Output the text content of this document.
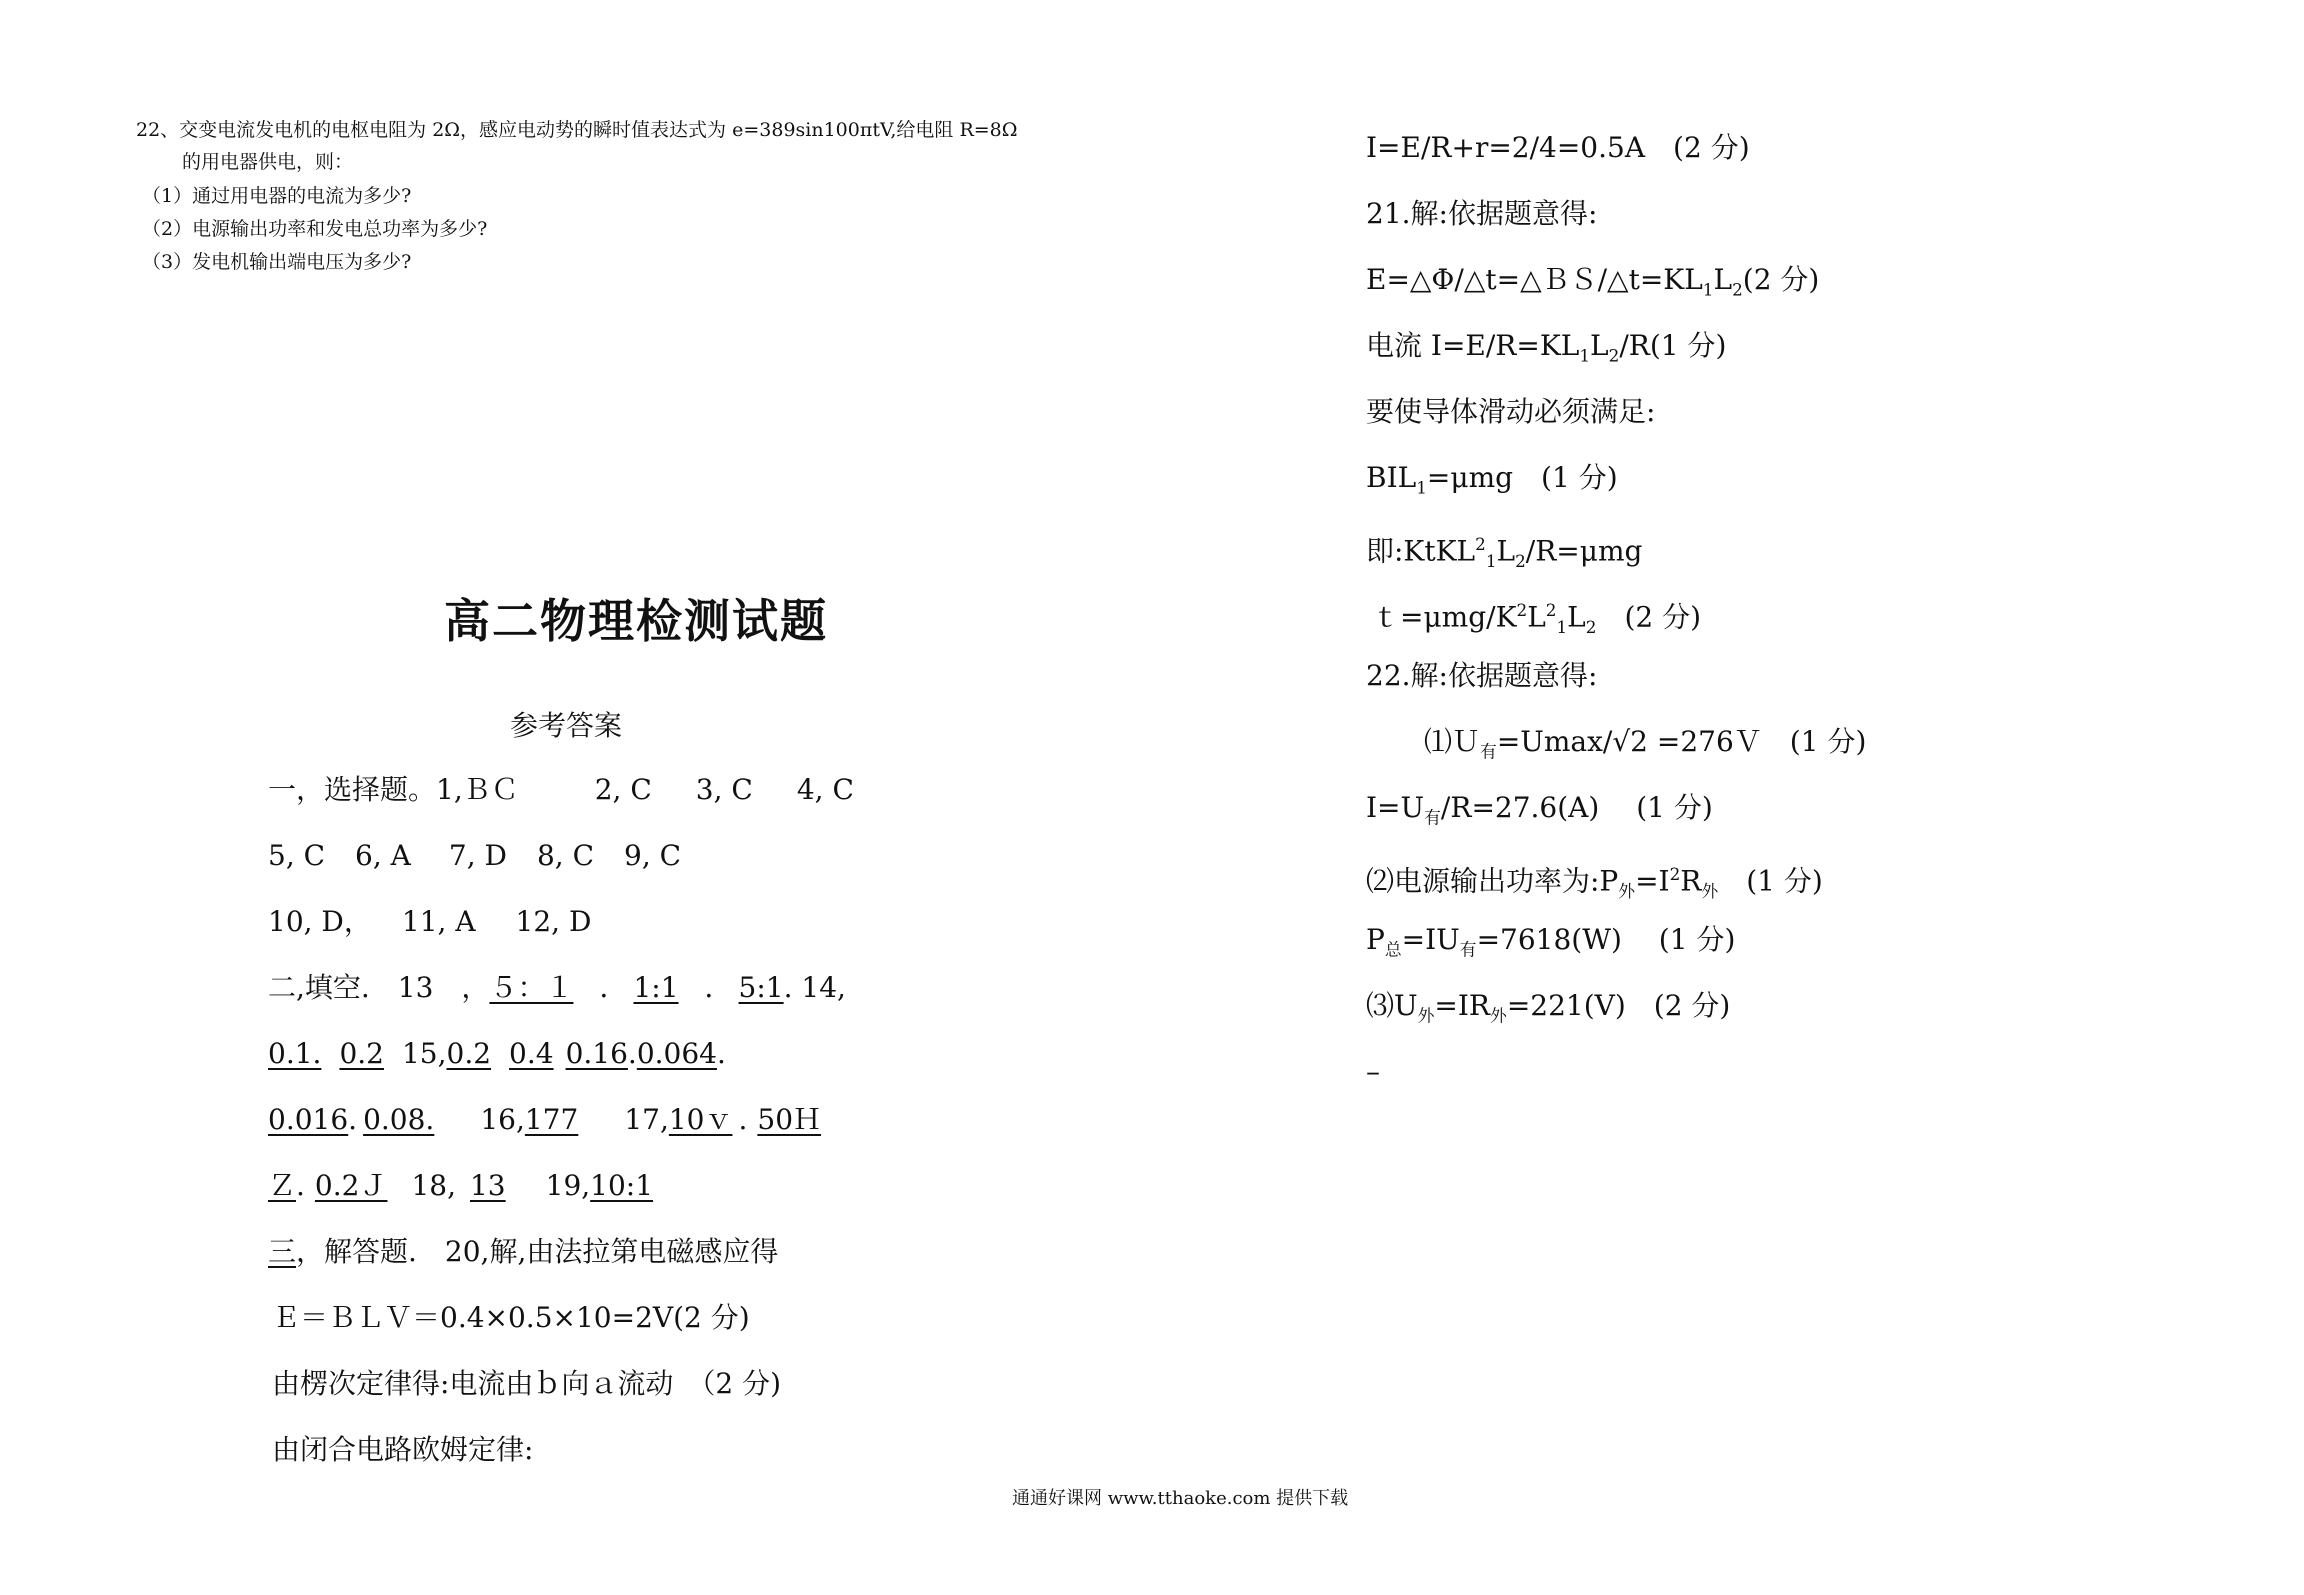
22、交变电流发电机的电枢电阻为 2Ω，感应电动势的瞬时值表达式为 e=389sin100πtV,给电阻 R=8Ω
的用电器供电，则：
（1）通过用电器的电流为多少?
（2）电源输出功率和发电总功率为多少?
（3）发电机输出端电压为多少?
高二物理检测试题
参考答案
一，选择题。1,ＢＣ	2, C 3, C 4, C
5, C 6, A 7, D 8, C 9, C
10, D， 11, A 12, D
二,填空.　13　，５：１ ． 1:1 ． 5:1. 14,
0.1. 0.2 15,0.2 0.4 0.16.0.064.
0.016. 0.08. 16,177 17,10ｖ . 50Ｈ
Ｚ. 0.2Ｊ 18, 13 19,10:1
三，解答题.　20,解,由法拉第电磁感应得
Ｅ＝ＢＬＶ＝0.4×0.5×10=2V(2 分)
由楞次定律得:电流由ｂ向ａ流动　（2 分)
由闭合电路欧姆定律:
I=E/R+r=2/4=0.5A　(2 分)
21.解:依据题意得:
$E=\triangle\Phi/\triangle t=\triangle BS/\triangle t=KL_1L_2(2$ 分)
电流 $I=E/R=KL_1L_2/R(1$ 分)
要使导体滑动必须满足:
$BIL_1=\mu mg$　(1 分)
即$:KtKL^2_1L_2/R=\mu mg$
$t=\mu mg/K^2L^2_1L_2$　(2 分)
22.解:依据题意得:
⑴Ｕ$_有$=Umax/√2 =276Ｖ　(1 分)
$I=U_有/R=27.6(A)$　 (1 分)
⑵电源输出功率为$:P_外=I^2R_外$　(1 分)
$P_总=IU_有=7618(W)$　 (1 分)
$⑶U_外=IR_外=221(V)$　(2 分)
–
通通好课网 www.tthaoke.com 提供下载
